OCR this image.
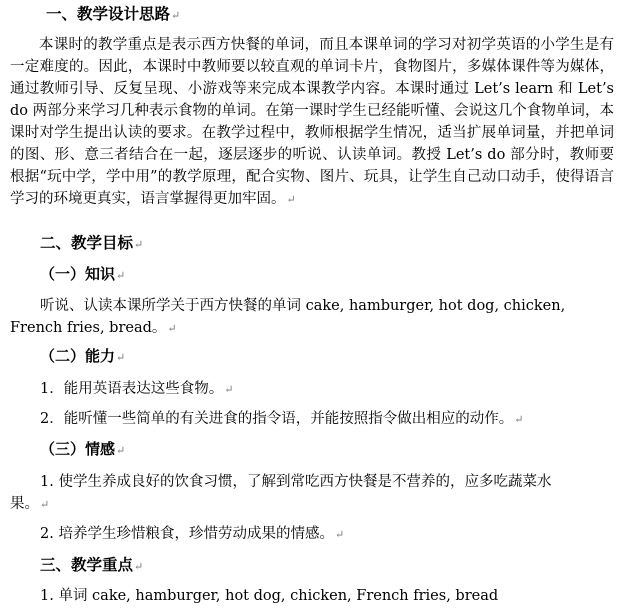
一、教学设计思路↵
本课时的教学重点是表示西方快餐的单词，而且本课单词的学习对初学英语的小学生是有一定难度的。因此，本课时中教师要以较直观的单词卡片，食物图片，多媒体课件等为媒体，通过教师引导、反复呈现、小游戏等来完成本课教学内容。本课时通过 Let’s learn 和 Let’s do 两部分来学习几种表示食物的单词。在第一课时学生已经能听懂、会说这几个食物单词，本课时对学生提出认读的要求。在教学过程中，教师根据学生情况，适当扩展单词量，并把单词的图、形、意三者结合在一起，逐层逐步的听说、认读单词。教授 Let’s do 部分时，教师要根据“玩中学，学中用”的教学原理，配合实物、图片、玩具，让学生自己动口动手，使得语言学习的环境更真实，语言掌握得更加牢固。↵
二、教学目标↵
（一）知识↵
听说、认读本课所学关于西方快餐的单词 cake, hamburger, hot dog, chicken,
French fries, bread。↵
（二）能力↵
1．能用英语表达这些食物。↵
2．能听懂一些简单的有关进食的指令语，并能按照指令做出相应的动作。↵
（三）情感↵
1. 使学生养成良好的饮食习惯，了解到常吃西方快餐是不营养的，应多吃蔬菜水
果。↵
2. 培养学生珍惜粮食，珍惜劳动成果的情感。↵
三、教学重点↵
1. 单词 cake, hamburger, hot dog, chicken, French fries, bread
